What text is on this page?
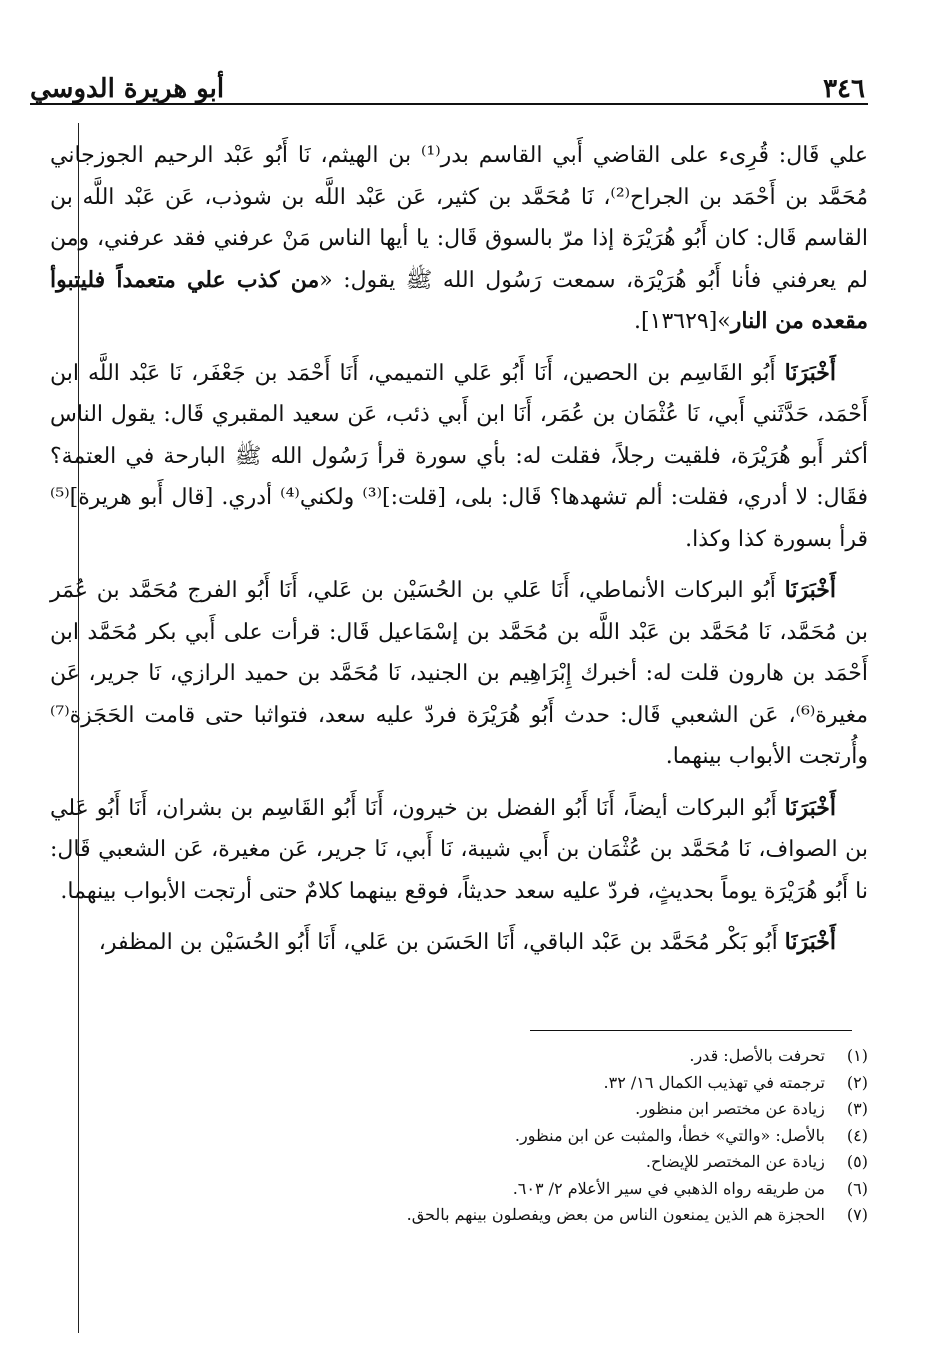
٣٤٦
أبو هريرة الدوسي

علي قَال: قُرِىء على القاضي أَبي القاسم بدر⁽¹⁾ بن الهيثم، نَا أَبُو عَبْد الرحيم الجوزجاني مُحَمَّد بن أَحْمَد بن الجراح⁽²⁾، نَا مُحَمَّد بن كثير، عَن عَبْد اللَّه بن شوذب، عَن عَبْد اللَّه بن القاسم قَال: كان أَبُو هُرَيْرَة إذا مرّ بالسوق قَال: يا أيها الناس مَنْ عرفني فقد عرفني، ومن لم يعرفني فأنا أَبُو هُرَيْرَة، سمعت رَسُول الله ﷺ يقول: «من كذب علي متعمداً فليتبوأ مقعده من النار»[١٣٦٢٩].

أَخْبَرَنَا أَبُو القَاسِم بن الحصين، أَنَا أَبُو عَلي التميمي، أَنَا أَحْمَد بن جَعْفَر، نَا عَبْد اللَّه ابن أَحْمَد، حَدَّثَني أَبي، نَا عُثْمَان بن عُمَر، أَنَا ابن أَبي ذئب، عَن سعيد المقبري قَال: يقول الناس أكثر أَبو هُرَيْرَة، فلقيت رجلاً، فقلت له: بأي سورة قرأ رَسُول الله ﷺ البارحة في العتمة؟ فقَال: لا أدري، فقلت: ألم تشهدها؟ قَال: بلى، [قلت:]⁽³⁾ ولكني⁽⁴⁾ أدري. [قال أَبو هريرة]⁽⁵⁾ قرأ بسورة كذا وكذا.

أَخْبَرَنَا أَبُو البركات الأنماطي، أَنَا عَلي بن الحُسَيْن بن عَلي، أَنَا أَبُو الفرج مُحَمَّد بن عُمَر بن مُحَمَّد، نَا مُحَمَّد بن عَبْد اللَّه بن مُحَمَّد بن إسْمَاعيل قَال: قرأت على أَبي بكر مُحَمَّد ابن أَحْمَد بن هارون قلت له: أخبرك إِبْرَاهِيم بن الجنيد، نَا مُحَمَّد بن حميد الرازي، نَا جرير، عَن مغيرة⁽⁶⁾، عَن الشعبي قَال: حدث أَبُو هُرَيْرَة فردّ عليه سعد، فتواثبا حتى قامت الحَجَزة⁽⁷⁾ وأُرتجت الأبواب بينهما.

أَخْبَرَنَا أَبُو البركات أيضاً، أَنَا أَبُو الفضل بن خيرون، أَنَا أَبُو القَاسِم بن بشران، أَنَا أَبُو عَلي بن الصواف، نَا مُحَمَّد بن عُثْمَان بن أَبي شيبة، نَا أَبي، نَا جرير، عَن مغيرة، عَن الشعبي قَال: نا أَبُو هُرَيْرَة يوماً بحديثٍ، فردّ عليه سعد حديثاً، فوقع بينهما كلامٌ حتى أرتجت الأبواب بينهما.

أَخْبَرَنَا أَبُو بَكْر مُحَمَّد بن عَبْد الباقي، أَنَا الحَسَن بن عَلي، أَنَا أَبُو الحُسَيْن بن المظفر،

(١) تحرفت بالأصل: قدر.
(٢) ترجمته في تهذيب الكمال ١٦/ ٣٢.
(٣) زيادة عن مختصر ابن منظور.
(٤) بالأصل: «والتي» خطأ، والمثبت عن ابن منظور.
(٥) زيادة عن المختصر للإيضاح.
(٦) من طريقه رواه الذهبي في سير الأعلام ٢/ ٦٠٣.
(٧) الحجزة هم الذين يمنعون الناس من بعض ويفصلون بينهم بالحق.
